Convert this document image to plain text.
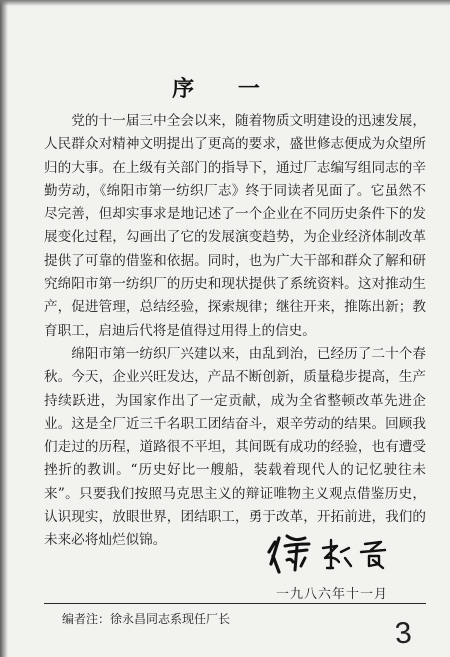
序 一

党的十一届三中全会以来，随着物质文明建设的迅速发展，人民群众对精神文明提出了更高的要求，盛世修志便成为众望所归的大事。在上级有关部门的指导下，通过厂志编写组同志的辛勤劳动，《绵阳市第一纺织厂志》终于同读者见面了。它虽然不尽完善，但却实事求是地记述了一个企业在不同历史条件下的发展变化过程，勾画出了它的发展演变趋势，为企业经济体制改革提供了可靠的借鉴和依据。同时，也为广大干部和群众了解和研究绵阳市第一纺织厂的历史和现状提供了系统资料。这对推动生产，促进管理，总结经验，探索规律；继往开来，推陈出新；教育职工，启迪后代将是值得过用得上的信史。

绵阳市第一纺织厂兴建以来，由乱到治，已经历了二十个春秋。今天，企业兴旺发达，产品不断创新，质量稳步提高，生产持续跃进，为国家作出了一定贡献，成为全省整顿改革先进企业。这是全厂近三千名职工团结奋斗，艰辛劳动的结果。回顾我们走过的历程，道路很不平坦，其间既有成功的经验，也有遭受挫折的教训。“历史好比一艘船，装载着现代人的记忆驶往未来”。只要我们按照马克思主义的辩证唯物主义观点借鉴历史，认识现实，放眼世界，团结职工，勇于改革，开拓前进，我们的未来必将灿烂似锦。

一九八六年十一月
编者注：徐永昌同志系现任厂长	3
